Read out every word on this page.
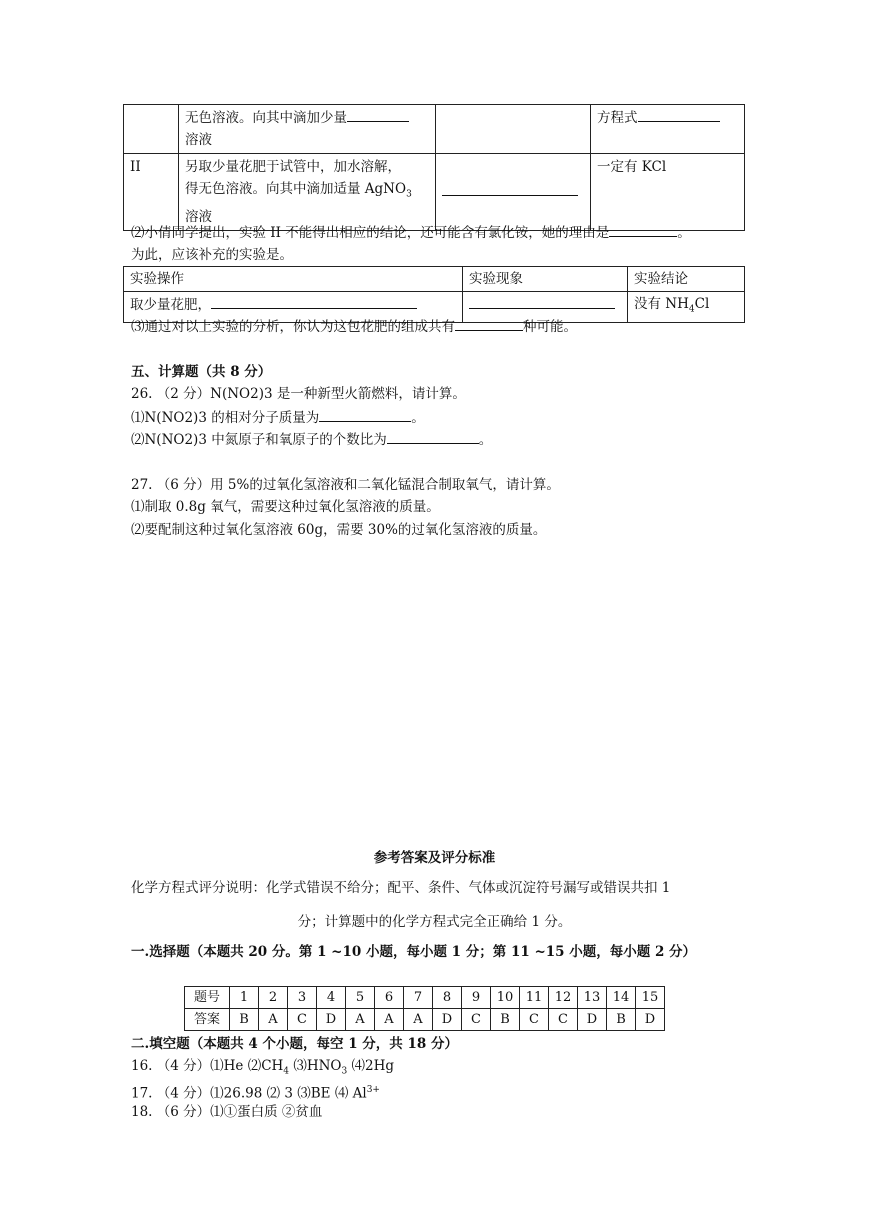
	无色溶液。向其中滴加少量
溶液		方程式
II	另取少量花肥于试管中，加水溶解，
得无色溶液。向其中滴加适量 AgNO$_3$
溶液		一定有 KCl
⑵小倩同学提出，实验 II 不能得出相应的结论，还可能含有氯化铵，她的理由是	。
为此，应该补充的实验是。
实验操作	实验现象	实验结论
取少量花肥，		没有 $NH_4Cl$
⑶通过对以上实验的分析，你认为这包花肥的组成共有	种可能。
五、计算题（共 8 分）
26. （2 分）N(NO2)3 是一种新型火箭燃料，请计算。
⑴N(NO2)3 的相对分子质量为	。
⑵N(NO2)3 中氮原子和氧原子的个数比为	。
27. （6 分）用 5%的过氧化氢溶液和二氧化锰混合制取氧气，请计算。
⑴制取 0.8g 氧气，需要这种过氧化氢溶液的质量。
⑵要配制这种过氧化氢溶液 60g，需要 30%的过氧化氢溶液的质量。
参考答案及评分标准
化学方程式评分说明：化学式错误不给分；配平、条件、气体或沉淀符号漏写或错误共扣 1
分；计算题中的化学方程式完全正确给 1 分。
一.选择题（本题共 20 分。第 1 ~10 小题，每小题 1 分；第 11 ~15 小题，每小题 2 分）
题号	1	2	3	4	5	6	7	8	9	10	11	12	13	14	15
答案	B	A	C	D	A	A	A	D	C	B	C	C	D	B	D
二.填空题（本题共 4 个小题，每空 1 分，共 18 分）
16. （4 分）⑴He $⑵CH_4$ $⑶HNO_3$ ⑷2Hg
17. （4 分）⑴26.98 ⑵ 3 ⑶BE ⑷ $Al^{3+}$
18. （6 分）⑴①蛋白质 ②贫血
